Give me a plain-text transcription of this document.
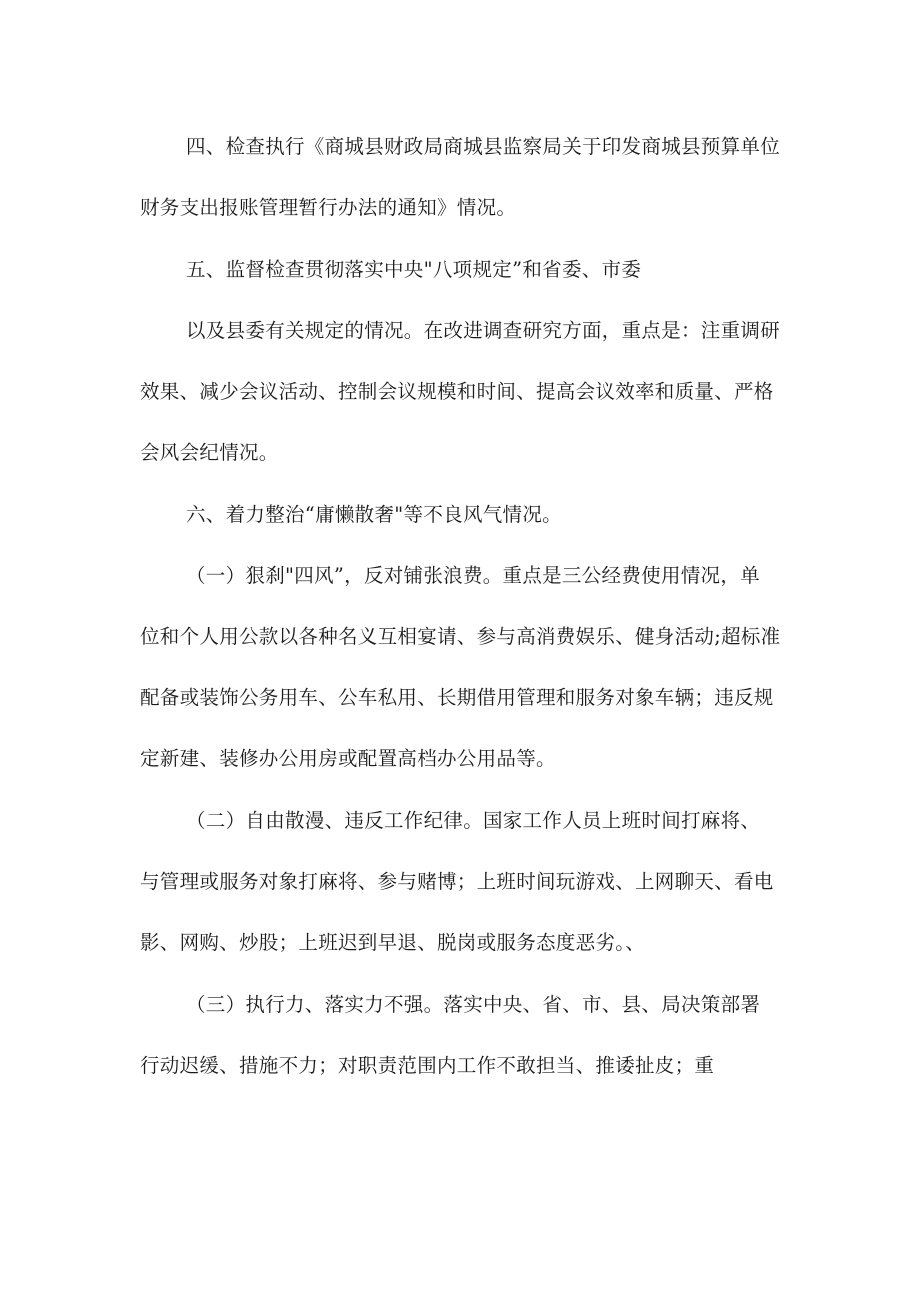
四、检查执行《商城县财政局商城县监察局关于印发商城县预算单位
财务支出报账管理暂行办法的通知》情况。
五、监督检查贯彻落实中央"八项规定”和省委、市委
以及县委有关规定的情况。在改进调查研究方面，重点是：注重调研
效果、减少会议活动、控制会议规模和时间、提高会议效率和质量、严格
会风会纪情况。
六、着力整治“庸懒散奢"等不良风气情况。
（一）狠刹"四风”，反对铺张浪费。重点是三公经费使用情况，单
位和个人用公款以各种名义互相宴请、参与高消费娱乐、健身活动;超标准
配备或装饰公务用车、公车私用、长期借用管理和服务对象车辆；违反规
定新建、装修办公用房或配置高档办公用品等。
（二）自由散漫、违反工作纪律。国家工作人员上班时间打麻将、
与管理或服务对象打麻将、参与赌博；上班时间玩游戏、上网聊天、看电
影、网购、炒股；上班迟到早退、脱岗或服务态度恶劣。、
（三）执行力、落实力不强。落实中央、省、市、县、局决策部署
行动迟缓、措施不力；对职责范围内工作不敢担当、推诿扯皮；重
